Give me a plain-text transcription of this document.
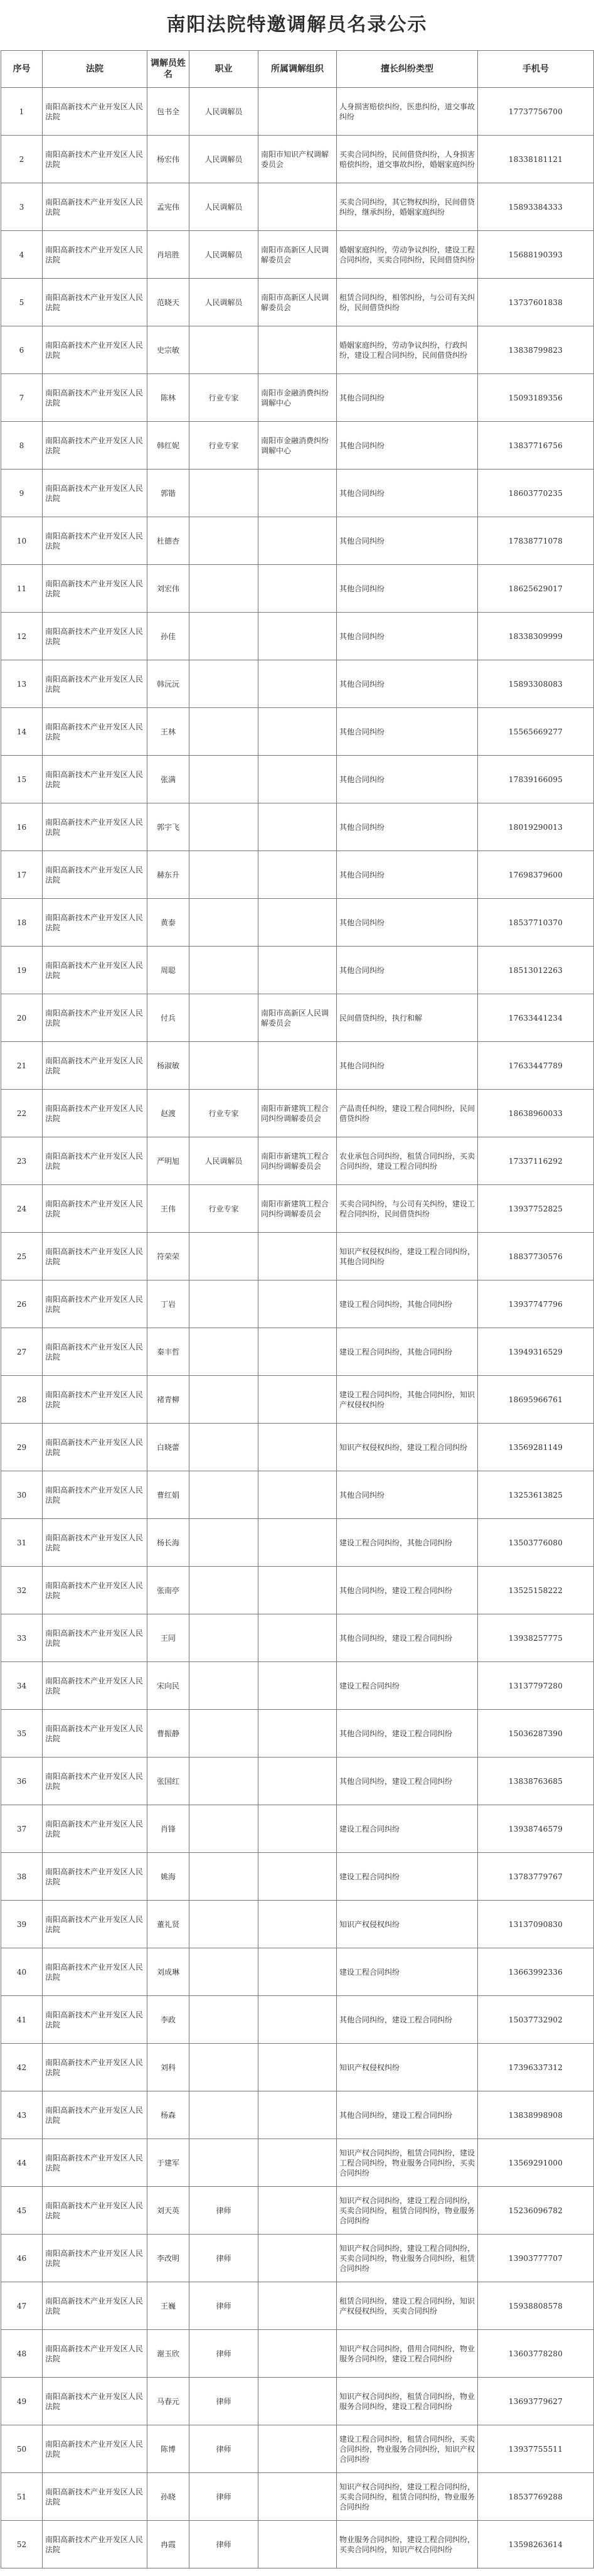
南阳法院特邀调解员名录公示
序号	法院	调解员姓名	职业	所属调解组织	擅长纠纷类型	手机号
1	南阳高新技术产业开发区人民法院	包书全	人民调解员		人身损害赔偿纠纷，医患纠纷，道交事故纠纷	17737756700
2	南阳高新技术产业开发区人民法院	杨宏伟	人民调解员	南阳市知识产权调解委员会	买卖合同纠纷，民间借贷纠纷，人身损害赔偿纠纷，道交事故纠纷，婚姻家庭纠纷	18338181121
3	南阳高新技术产业开发区人民法院	孟宪伟	人民调解员		买卖合同纠纷，其它物权纠纷，民间借贷纠纷，继承纠纷，婚姻家庭纠纷	15893384333
4	南阳高新技术产业开发区人民法院	肖培胜	人民调解员	南阳市高新区人民调解委员会	婚姻家庭纠纷，劳动争议纠纷，建设工程合同纠纷，买卖合同纠纷，民间借贷纠纷	15688190393
5	南阳高新技术产业开发区人民法院	范晓天	人民调解员	南阳市高新区人民调解委员会	租赁合同纠纷，相邻纠纷，与公司有关纠纷，民间借贷纠纷	13737601838
6	南阳高新技术产业开发区人民法院	史宗敏			婚姻家庭纠纷，劳动争议纠纷，行政纠纷，建设工程合同纠纷，民间借贷纠纷	13838799823
7	南阳高新技术产业开发区人民法院	陈林	行业专家	南阳市金融消费纠纷调解中心	其他合同纠纷	15093189356
8	南阳高新技术产业开发区人民法院	韩红妮	行业专家	南阳市金融消费纠纷调解中心	其他合同纠纷	13837716756
9	南阳高新技术产业开发区人民法院	郭锴			其他合同纠纷	18603770235
10	南阳高新技术产业开发区人民法院	杜德杏			其他合同纠纷	17838771078
11	南阳高新技术产业开发区人民法院	刘宏伟			其他合同纠纷	18625629017
12	南阳高新技术产业开发区人民法院	孙佳			其他合同纠纷	18338309999
13	南阳高新技术产业开发区人民法院	韩沅沅			其他合同纠纷	15893308083
14	南阳高新技术产业开发区人民法院	王林			其他合同纠纷	15565669277
15	南阳高新技术产业开发区人民法院	张满			其他合同纠纷	17839166095
16	南阳高新技术产业开发区人民法院	郭宇飞			其他合同纠纷	18019290013
17	南阳高新技术产业开发区人民法院	赫东升			其他合同纠纷	17698379600
18	南阳高新技术产业开发区人民法院	黄泰			其他合同纠纷	18537710370
19	南阳高新技术产业开发区人民法院	周聪			其他合同纠纷	18513012263
20	南阳高新技术产业开发区人民法院	付兵		南阳市高新区人民调解委员会	民间借贷纠纷，执行和解	17633441234
21	南阳高新技术产业开发区人民法院	杨淑敏			其他合同纠纷	17633447789
22	南阳高新技术产业开发区人民法院	赵渡	行业专家	南阳市新建筑工程合同纠纷调解委员会	产品责任纠纷，建设工程合同纠纷，民间借贷纠纷	18638960033
23	南阳高新技术产业开发区人民法院	严明旭	人民调解员	南阳市新建筑工程合同纠纷调解委员会	农业承包合同纠纷，租赁合同纠纷，买卖合同纠纷，建设工程合同纠纷	17337116292
24	南阳高新技术产业开发区人民法院	王伟	行业专家	南阳市新建筑工程合同纠纷调解委员会	买卖合同纠纷，与公司有关纠纷，建设工程合同纠纷，民间借贷纠纷	13937752825
25	南阳高新技术产业开发区人民法院	符荣荣			知识产权侵权纠纷，建设工程合同纠纷，其他合同纠纷	18837730576
26	南阳高新技术产业开发区人民法院	丁岩			建设工程合同纠纷，其他合同纠纷	13937747796
27	南阳高新技术产业开发区人民法院	秦丰哲			建设工程合同纠纷，其他合同纠纷	13949316529
28	南阳高新技术产业开发区人民法院	褚青柳			建设工程合同纠纷，其他合同纠纷，知识产权侵权纠纷	18695966761
29	南阳高新技术产业开发区人民法院	白晓蕾			知识产权侵权纠纷，建设工程合同纠纷	13569281149
30	南阳高新技术产业开发区人民法院	曹红娟			其他合同纠纷	13253613825
31	南阳高新技术产业开发区人民法院	杨长海			建设工程合同纠纷，其他合同纠纷	13503776080
32	南阳高新技术产业开发区人民法院	张南亭			其他合同纠纷，建设工程合同纠纷	13525158222
33	南阳高新技术产业开发区人民法院	王同			其他合同纠纷，建设工程合同纠纷	13938257775
34	南阳高新技术产业开发区人民法院	宋向民			建设工程合同纠纷	13137797280
35	南阳高新技术产业开发区人民法院	曹振静			其他合同纠纷，建设工程合同纠纷	15036287390
36	南阳高新技术产业开发区人民法院	张国红			其他合同纠纷，建设工程合同纠纷	13838763685
37	南阳高新技术产业开发区人民法院	肖锋			建设工程合同纠纷	13938746579
38	南阳高新技术产业开发区人民法院	姚海			建设工程合同纠纷	13783779767
39	南阳高新技术产业开发区人民法院	董礼贤			知识产权侵权纠纷	13137090830
40	南阳高新技术产业开发区人民法院	刘成琳			建设工程合同纠纷	13663992336
41	南阳高新技术产业开发区人民法院	李政			其他合同纠纷，建设工程合同纠纷	15037732902
42	南阳高新技术产业开发区人民法院	刘科			知识产权侵权纠纷	17396337312
43	南阳高新技术产业开发区人民法院	杨森			其他合同纠纷，建设工程合同纠纷	13838998908
44	南阳高新技术产业开发区人民法院	于建军			知识产权合同纠纷，租赁合同纠纷，建设工程合同纠纷，物业服务合同纠纷，买卖合同纠纷	13569291000
45	南阳高新技术产业开发区人民法院	刘天英	律师		知识产权合同纠纷，建设工程合同纠纷，买卖合同纠纷，租赁合同纠纷，物业服务合同纠纷	15236096782
46	南阳高新技术产业开发区人民法院	李改明	律师		知识产权合同纠纷，建设工程合同纠纷，买卖合同纠纷，物业服务合同纠纷，租赁合同纠纷	13903777707
47	南阳高新技术产业开发区人民法院	王巍	律师		租赁合同纠纷，建设工程合同纠纷，知识产权侵权纠纷，买卖合同纠纷	15938808578
48	南阳高新技术产业开发区人民法院	谢玉欣	律师		知识产权合同纠纷，借用合同纠纷，物业服务合同纠纷，建设工程合同纠纷	13603778280
49	南阳高新技术产业开发区人民法院	马春元	律师		知识产权合同纠纷，租赁合同纠纷，物业服务合同纠纷，建设工程合同纠纷	13693779627
50	南阳高新技术产业开发区人民法院	陈博	律师		建设工程合同纠纷，租赁合同纠纷，买卖合同纠纷，物业服务合同纠纷，知识产权合同纠纷	13937755511
51	南阳高新技术产业开发区人民法院	孙晓	律师		知识产权合同纠纷，建设工程合同纠纷，买卖合同纠纷，租赁合同纠纷，物业服务合同纠纷	18537769288
52	南阳高新技术产业开发区人民法院	冉霞	律师		物业服务合同纠纷，建设工程合同纠纷，买卖合同纠纷，知识产权合同纠纷	13598263614
